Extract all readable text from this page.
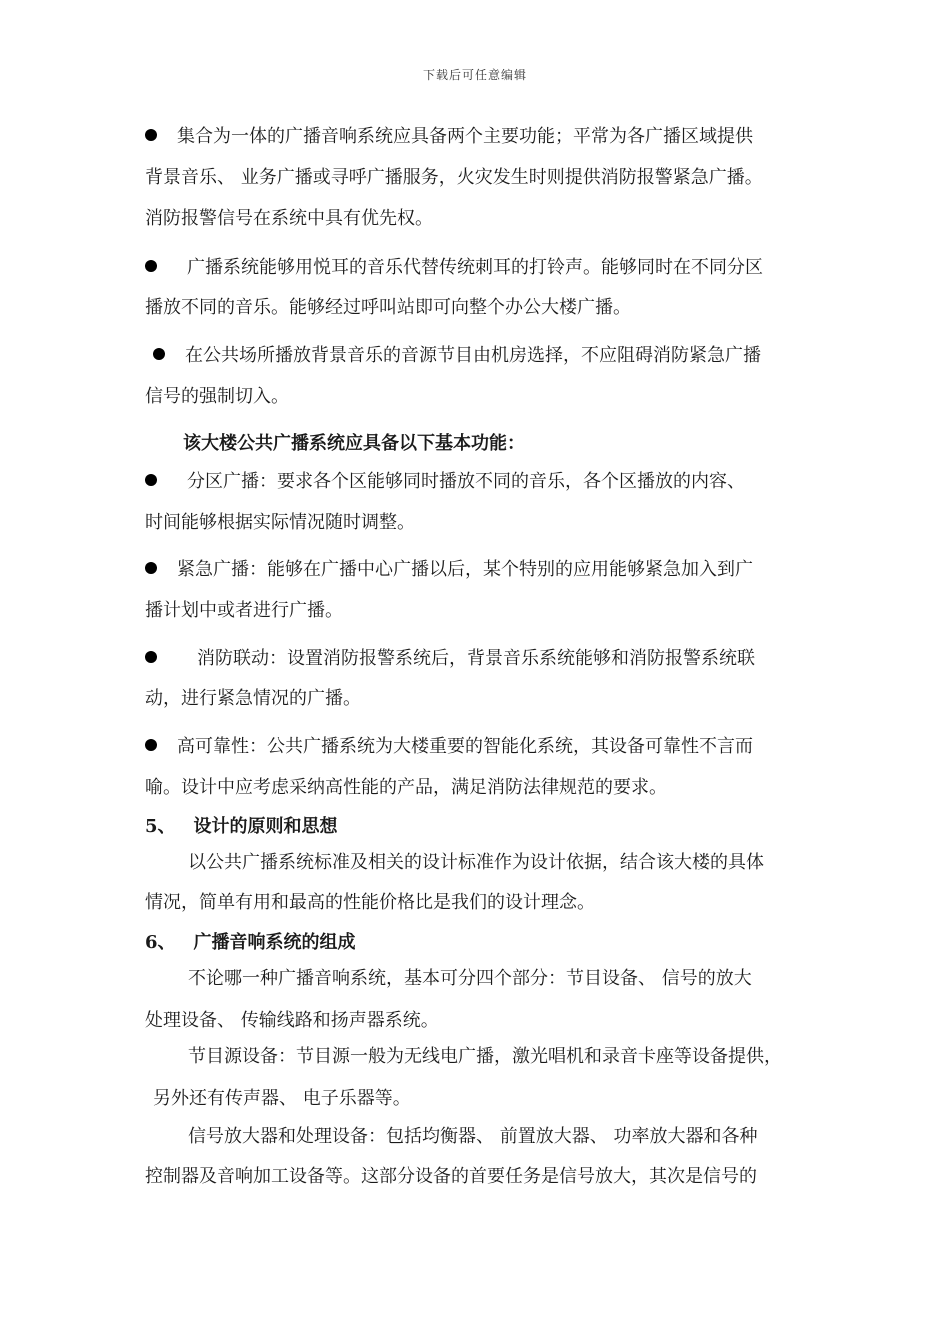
下载后可任意编辑
集合为一体的广播音响系统应具备两个主要功能；平常为各广播区域提供
背景音乐、 业务广播或寻呼广播服务，火灾发生时则提供消防报警紧急广播。
消防报警信号在系统中具有优先权。
广播系统能够用悦耳的音乐代替传统刺耳的打铃声。能够同时在不同分区
播放不同的音乐。能够经过呼叫站即可向整个办公大楼广播。
在公共场所播放背景音乐的音源节目由机房选择，不应阻碍消防紧急广播
信号的强制切入。
该大楼公共广播系统应具备以下基本功能：
分区广播：要求各个区能够同时播放不同的音乐，各个区播放的内容、
时间能够根据实际情况随时调整。
紧急广播：能够在广播中心广播以后，某个特别的应用能够紧急加入到广
播计划中或者进行广播。
消防联动：设置消防报警系统后，背景音乐系统能够和消防报警系统联
动，进行紧急情况的广播。
高可靠性：公共广播系统为大楼重要的智能化系统，其设备可靠性不言而
喻。设计中应考虑采纳高性能的产品，满足消防法律规范的要求。
5、 设计的原则和思想
以公共广播系统标准及相关的设计标准作为设计依据，结合该大楼的具体
情况，简单有用和最高的性能价格比是我们的设计理念。
6、 广播音响系统的组成
不论哪一种广播音响系统，基本可分四个部分：节目设备、 信号的放大
处理设备、 传输线路和扬声器系统。
节目源设备：节目源一般为无线电广播，激光唱机和录音卡座等设备提供，
另外还有传声器、 电子乐器等。
信号放大器和处理设备：包括均衡器、 前置放大器、 功率放大器和各种
控制器及音响加工设备等。这部分设备的首要任务是信号放大，其次是信号的
